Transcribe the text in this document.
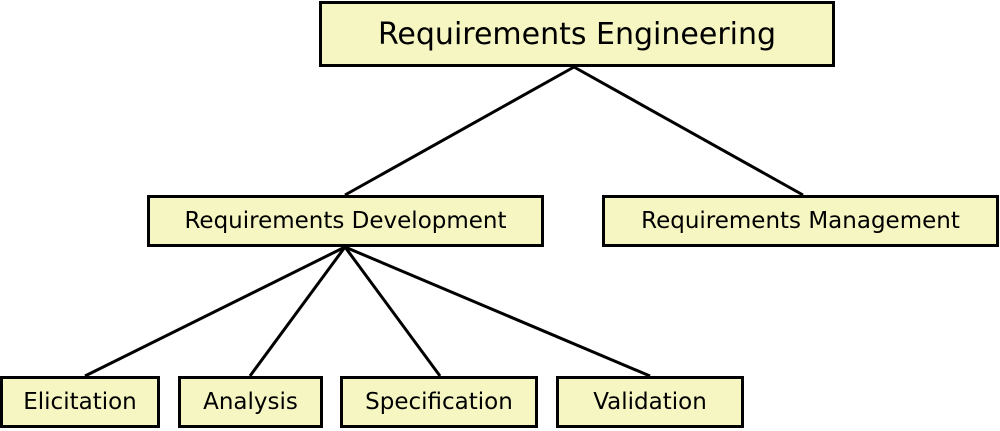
Requirements Engineering
Requirements Development	Requirements Management
Elicitation	Analysis	Specification	Validation
